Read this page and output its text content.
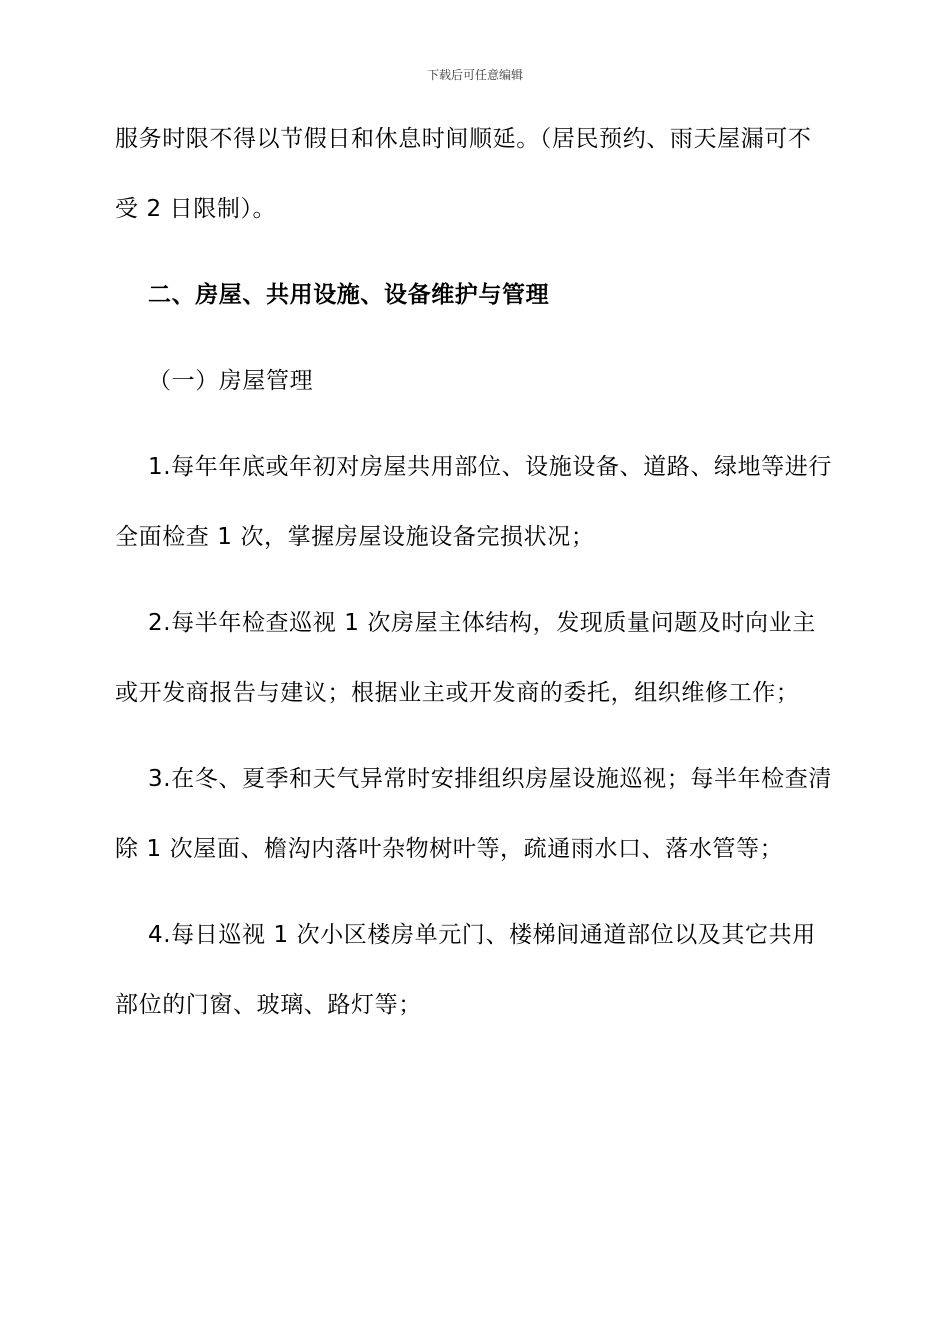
下载后可任意编辑

服务时限不得以节假日和休息时间顺延。（居民预约、雨天屋漏可不受 2 日限制）。

二、房屋、共用设施、设备维护与管理

（一）房屋管理

1.每年年底或年初对房屋共用部位、设施设备、道路、绿地等进行全面检查 1 次，掌握房屋设施设备完损状况；

2.每半年检查巡视 1 次房屋主体结构，发现质量问题及时向业主或开发商报告与建议；根据业主或开发商的委托，组织维修工作；

3.在冬、夏季和天气异常时安排组织房屋设施巡视；每半年检查清除 1 次屋面、檐沟内落叶杂物树叶等，疏通雨水口、落水管等；

4.每日巡视 1 次小区楼房单元门、楼梯间通道部位以及其它共用部位的门窗、玻璃、路灯等；
